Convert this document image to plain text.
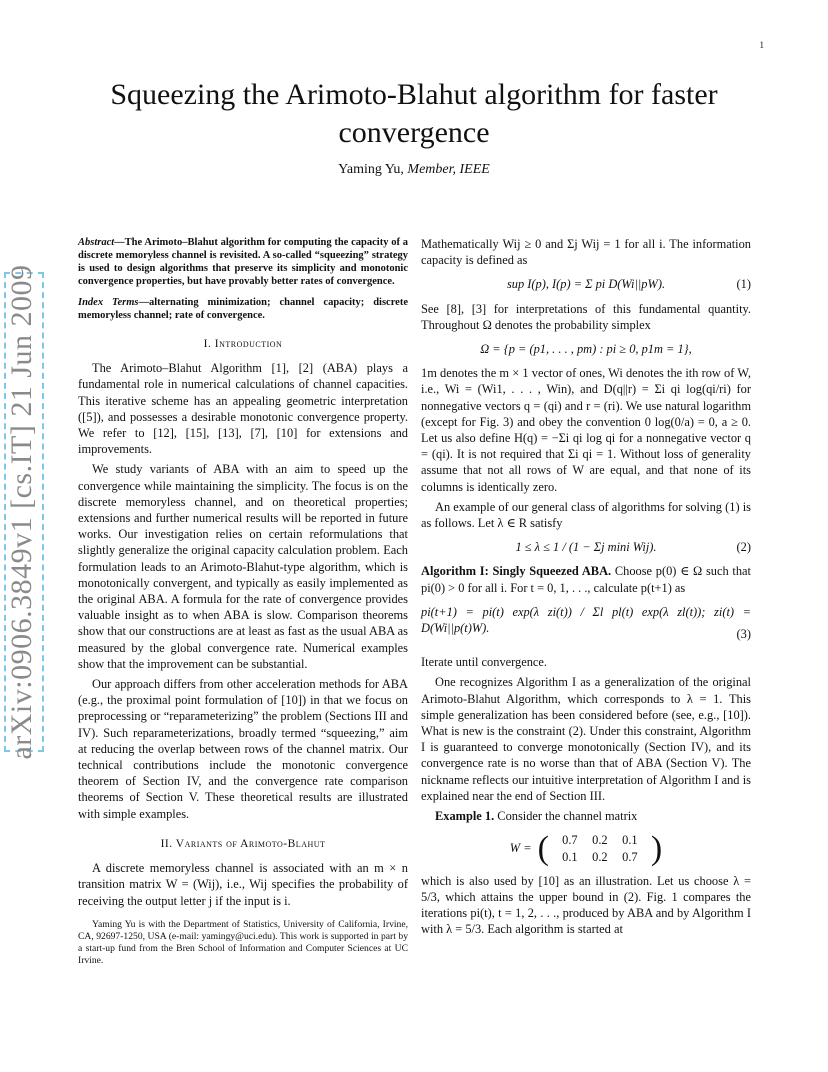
1
arXiv:0906.3849v1 [cs.IT] 21 Jun 2009
Squeezing the Arimoto-Blahut algorithm for faster convergence
Yaming Yu, Member, IEEE

Abstract—The Arimoto–Blahut algorithm for computing the capacity of a discrete memoryless channel is revisited. A so-called “squeezing” strategy is used to design algorithms that preserve its simplicity and monotonic convergence properties, but have provably better rates of convergence.

Index Terms—alternating minimization; channel capacity; discrete memoryless channel; rate of convergence.

I. Introduction

The Arimoto–Blahut Algorithm [1], [2] (ABA) plays a fundamental role in numerical calculations of channel capacities. This iterative scheme has an appealing geometric interpretation ([5]), and possesses a desirable monotonic convergence property. We refer to [12], [15], [13], [7], [10] for extensions and improvements.

We study variants of ABA with an aim to speed up the convergence while maintaining the simplicity. The focus is on the discrete memoryless channel, and on theoretical properties; extensions and further numerical results will be reported in future works. Our investigation relies on certain reformulations that slightly generalize the original capacity calculation problem. Each formulation leads to an Arimoto-Blahut-type algorithm, which is monotonically convergent, and typically as easily implemented as the original ABA. A formula for the rate of convergence provides valuable insight as to when ABA is slow. Comparison theorems show that our constructions are at least as fast as the usual ABA as measured by the global convergence rate. Numerical examples show that the improvement can be substantial.

Our approach differs from other acceleration methods for ABA (e.g., the proximal point formulation of [10]) in that we focus on preprocessing or “reparameterizing” the problem (Sections III and IV). Such reparameterizations, broadly termed “squeezing,” aim at reducing the overlap between rows of the channel matrix. Our technical contributions include the monotonic convergence theorem of Section IV, and the convergence rate comparison theorems of Section V. These theoretical results are illustrated with simple examples.

II. Variants of Arimoto-Blahut

A discrete memoryless channel is associated with an m × n transition matrix W = (Wij), i.e., Wij specifies the probability of receiving the output letter j if the input is i.

Yaming Yu is with the Department of Statistics, University of California, Irvine, CA, 92697-1250, USA (e-mail: yamingy@uci.edu). This work is supported in part by a start-up fund from the Bren School of Information and Computer Sciences at UC Irvine.

Mathematically Wij ≥ 0 and Σj Wij = 1 for all i. The information capacity is defined as

sup I(p), I(p) = Σ pi D(Wi||pW).	(1)

See [8], [3] for interpretations of this fundamental quantity. Throughout Ω denotes the probability simplex

Ω = {p = (p1, . . . , pm) : pi ≥ 0, p1m = 1},

1m denotes the m × 1 vector of ones, Wi denotes the ith row of W, i.e., Wi = (Wi1, . . . , Win), and D(q||r) = Σi qi log(qi/ri) for nonnegative vectors q = (qi) and r = (ri). We use natural logarithm (except for Fig. 3) and obey the convention 0 log(0/a) = 0, a ≥ 0. Let us also define H(q) = −Σi qi log qi for a nonnegative vector q = (qi). It is not required that Σi qi = 1. Without loss of generality assume that not all rows of W are equal, and that none of its columns is identically zero.

An example of our general class of algorithms for solving (1) is as follows. Let λ ∈ R satisfy

1 ≤ λ ≤ 1 / (1 − Σj mini Wij).	(2)

Algorithm I: Singly Squeezed ABA. Choose p(0) ∈ Ω such that pi(0) > 0 for all i. For t = 0, 1, . . ., calculate p(t+1) as

pi(t+1) = pi(t) exp(λ zi(t)) / Σl pl(t) exp(λ zl(t)); zi(t) = D(Wi||p(t)W).	(3)

Iterate until convergence.

One recognizes Algorithm I as a generalization of the original Arimoto-Blahut Algorithm, which corresponds to λ = 1. This simple generalization has been considered before (see, e.g., [10]). What is new is the constraint (2). Under this constraint, Algorithm I is guaranteed to converge monotonically (Section IV), and its convergence rate is no worse than that of ABA (Section V). The nickname reflects our intuitive interpretation of Algorithm I and is explained near the end of Section III.

Example 1. Consider the channel matrix

W = (	0.7	0.2	0.1
0.1	0.2	0.7 )

which is also used by [10] as an illustration. Let us choose λ = 5/3, which attains the upper bound in (2). Fig. 1 compares the iterations pi(t), t = 1, 2, . . ., produced by ABA and by Algorithm I with λ = 5/3. Each algorithm is started at
